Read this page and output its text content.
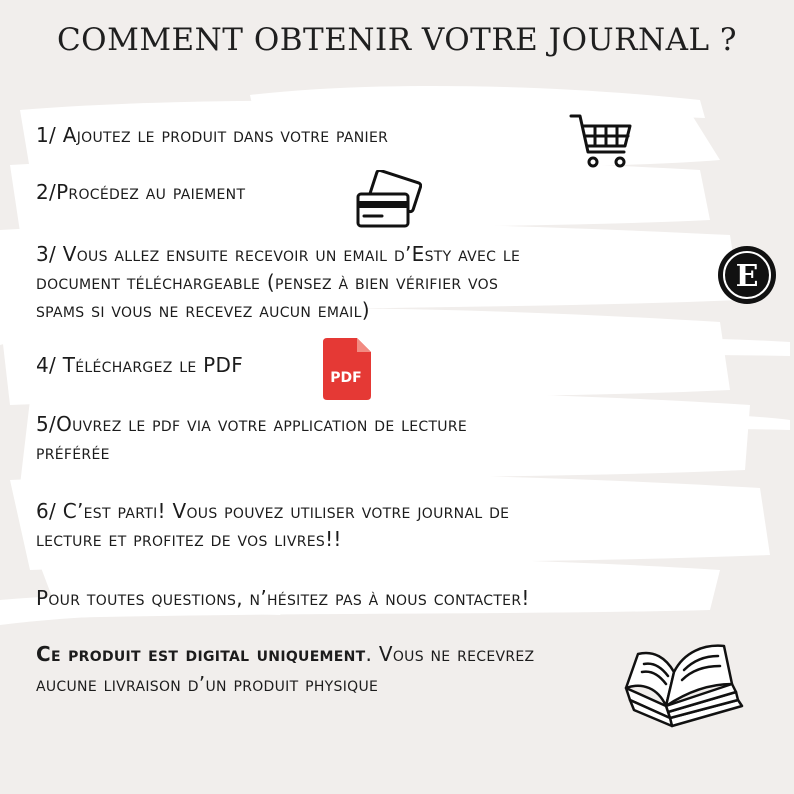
COMMENT OBTENIR VOTRE JOURNAL ?
1/ Ajoutez le produit dans votre panier
2/Procédez au paiement
3/ Vous allez ensuite recevoir un email d’Esty avec le
document téléchargeable (pensez à bien vérifier vos
spams si vous ne recevez aucun email)
4/ Téléchargez le PDF
5/Ouvrez le pdf via votre application de lecture
préférée
6/ C’est parti! Vous pouvez utiliser votre journal de
lecture et profitez de vos livres!!
Pour toutes questions, n’hésitez pas à nous contacter!
Ce produit est digital uniquement. Vous ne recevrez
aucune livraison d’un produit physique
E
PDF
